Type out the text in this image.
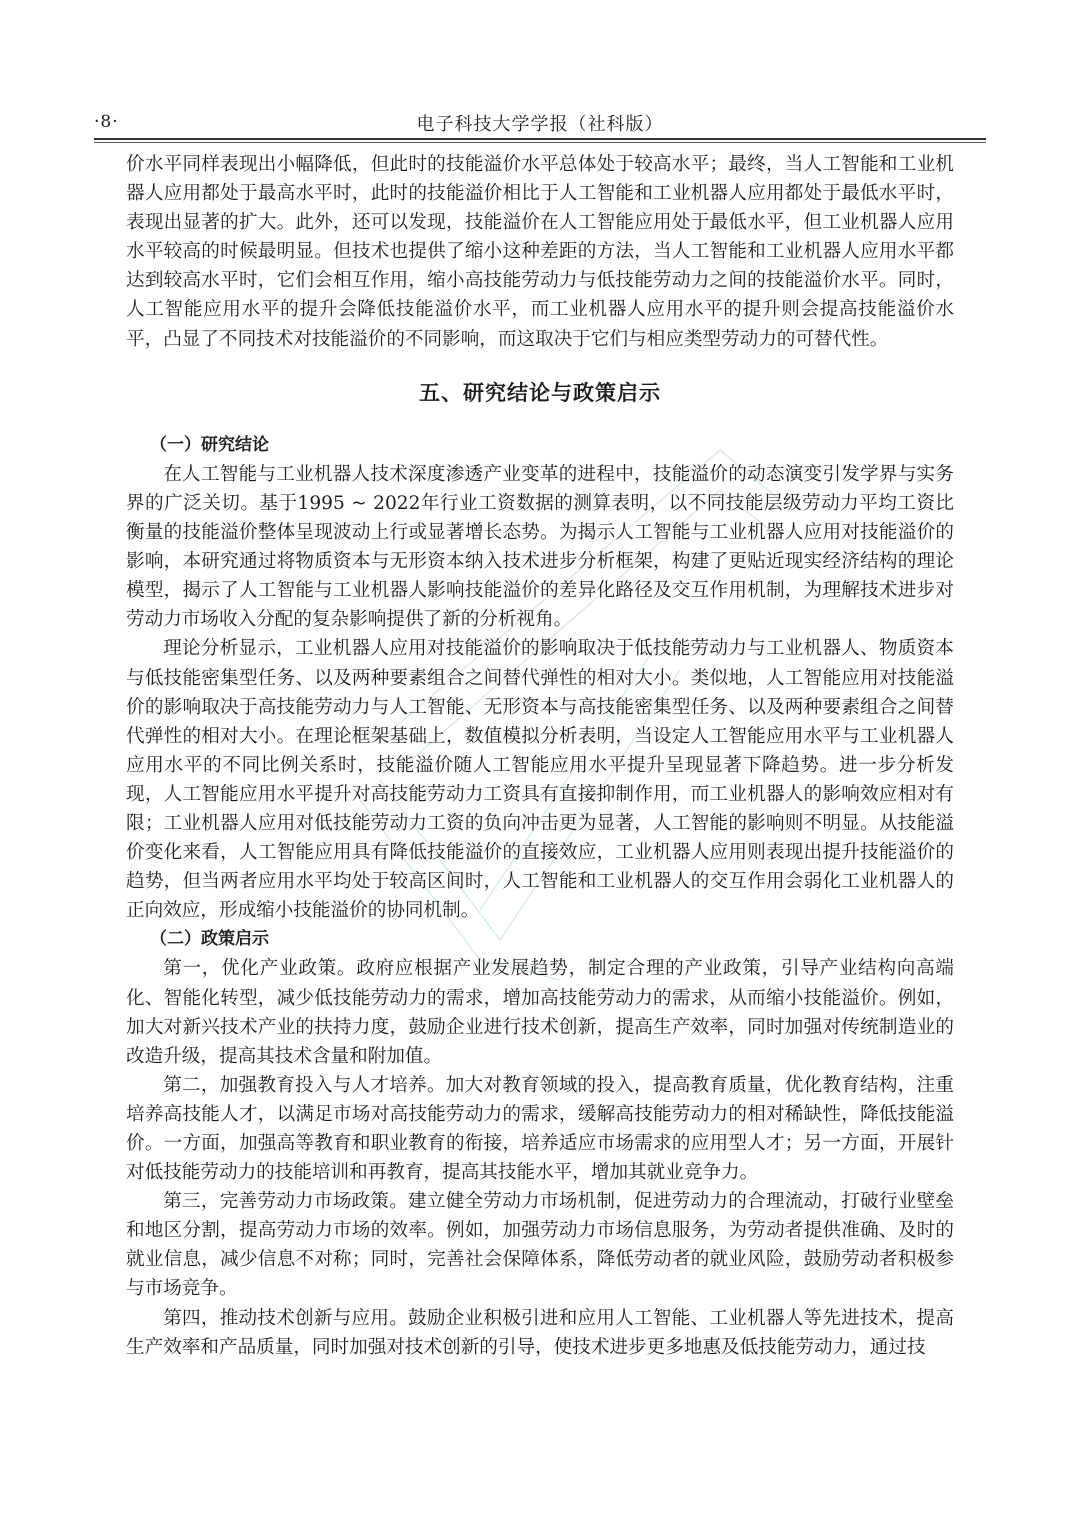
·8·	电子科技大学学报（社科版）

价水平同样表现出小幅降低，但此时的技能溢价水平总体处于较高水平；最终，当人工智能和工业机器人应用都处于最高水平时，此时的技能溢价相比于人工智能和工业机器人应用都处于最低水平时，表现出显著的扩大。此外，还可以发现，技能溢价在人工智能应用处于最低水平，但工业机器人应用水平较高的时候最明显。但技术也提供了缩小这种差距的方法，当人工智能和工业机器人应用水平都达到较高水平时，它们会相互作用，缩小高技能劳动力与低技能劳动力之间的技能溢价水平。同时，人工智能应用水平的提升会降低技能溢价水平，而工业机器人应用水平的提升则会提高技能溢价水平，凸显了不同技术对技能溢价的不同影响，而这取决于它们与相应类型劳动力的可替代性。

五、研究结论与政策启示
（一）研究结论

在人工智能与工业机器人技术深度渗透产业变革的进程中，技能溢价的动态演变引发学界与实务界的广泛关切。基于1995 ~ 2022年行业工资数据的测算表明，以不同技能层级劳动力平均工资比衡量的技能溢价整体呈现波动上行或显著增长态势。为揭示人工智能与工业机器人应用对技能溢价的影响，本研究通过将物质资本与无形资本纳入技术进步分析框架，构建了更贴近现实经济结构的理论模型，揭示了人工智能与工业机器人影响技能溢价的差异化路径及交互作用机制，为理解技术进步对劳动力市场收入分配的复杂影响提供了新的分析视角。

理论分析显示，工业机器人应用对技能溢价的影响取决于低技能劳动力与工业机器人、物质资本与低技能密集型任务、以及两种要素组合之间替代弹性的相对大小。类似地，人工智能应用对技能溢价的影响取决于高技能劳动力与人工智能、无形资本与高技能密集型任务、以及两种要素组合之间替代弹性的相对大小。在理论框架基础上，数值模拟分析表明，当设定人工智能应用水平与工业机器人应用水平的不同比例关系时，技能溢价随人工智能应用水平提升呈现显著下降趋势。进一步分析发现，人工智能应用水平提升对高技能劳动力工资具有直接抑制作用，而工业机器人的影响效应相对有限；工业机器人应用对低技能劳动力工资的负向冲击更为显著，人工智能的影响则不明显。从技能溢价变化来看，人工智能应用具有降低技能溢价的直接效应，工业机器人应用则表现出提升技能溢价的趋势，但当两者应用水平均处于较高区间时，人工智能和工业机器人的交互作用会弱化工业机器人的正向效应，形成缩小技能溢价的协同机制。

（二）政策启示

第一，优化产业政策。政府应根据产业发展趋势，制定合理的产业政策，引导产业结构向高端化、智能化转型，减少低技能劳动力的需求，增加高技能劳动力的需求，从而缩小技能溢价。例如，加大对新兴技术产业的扶持力度，鼓励企业进行技术创新，提高生产效率，同时加强对传统制造业的改造升级，提高其技术含量和附加值。

第二，加强教育投入与人才培养。加大对教育领域的投入，提高教育质量，优化教育结构，注重培养高技能人才，以满足市场对高技能劳动力的需求，缓解高技能劳动力的相对稀缺性，降低技能溢价。一方面，加强高等教育和职业教育的衔接，培养适应市场需求的应用型人才；另一方面，开展针对低技能劳动力的技能培训和再教育，提高其技能水平，增加其就业竞争力。

第三，完善劳动力市场政策。建立健全劳动力市场机制，促进劳动力的合理流动，打破行业壁垒和地区分割，提高劳动力市场的效率。例如，加强劳动力市场信息服务，为劳动者提供准确、及时的就业信息，减少信息不对称；同时，完善社会保障体系，降低劳动者的就业风险，鼓励劳动者积极参与市场竞争。

第四，推动技术创新与应用。鼓励企业积极引进和应用人工智能、工业机器人等先进技术，提高生产效率和产品质量，同时加强对技术创新的引导，使技术进步更多地惠及低技能劳动力，通过技
